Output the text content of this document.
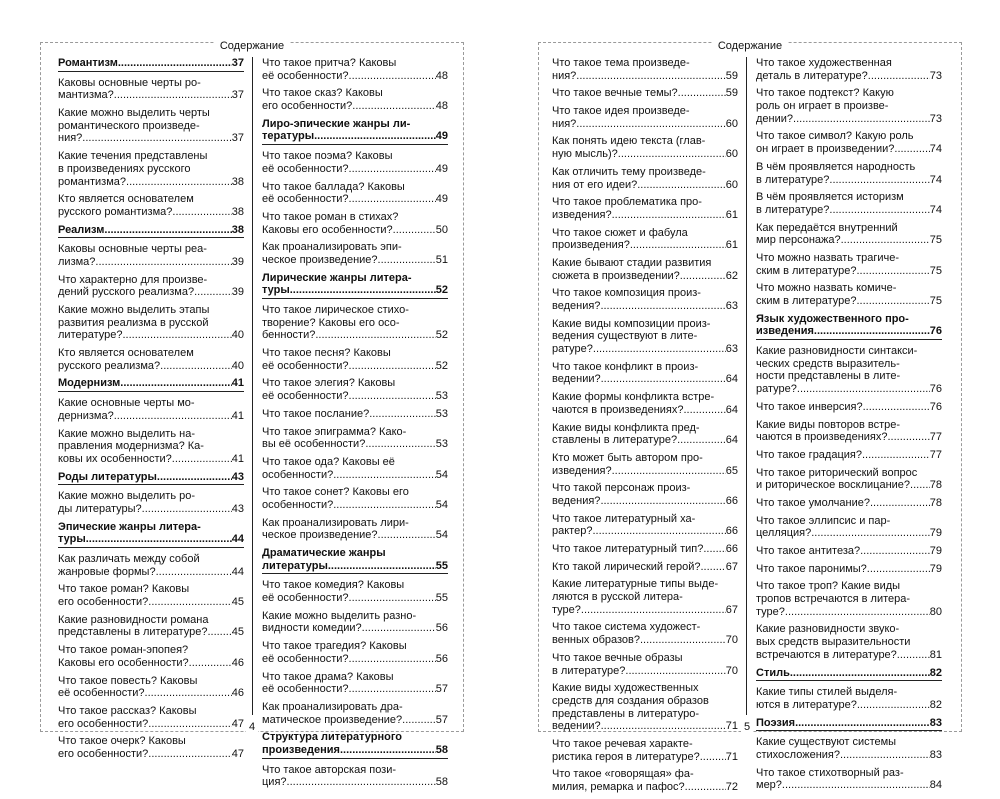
Содержание	Содержание
Романтизм .....	37
Каковы основные черты ро-
мантизма? .....	37
Какие можно выделить черты
романтического произведе-
ния? .....	37
Какие течения представлены
в произведениях русского
романтизма? .....	38
Кто является основателем
русского романтизма? .....	38
Реализм .....	38
Каковы основные черты реа-
лизма? .....	39
Что характерно для произве-
дений русского реализма? .....	39
Какие можно выделить этапы
развития реализма в русской
литературе? .....	40
Кто является основателем
русского реализма? .....	40
Модернизм .....	41
Какие основные черты мо-
дернизма? .....	41
Какие можно выделить на-
правления модернизма? Ка-
ковы их особенности? .....	41
Роды литературы .....	43
Какие можно выделить ро-
ды литературы? .....	43
Эпические жанры литера-
туры .....	44
Как различать между собой
жанровые формы? .....	44
Что такое роман? Каковы
его особенности? .....	45
Какие разновидности романа
представлены в литературе? ..... 45
Что такое роман-эпопея?
Каковы его особенности? .....	46
Что такое повесть? Каковы
её особенности? .....	46
Что такое рассказ? Каковы
его особенности? .....	47
Что такое очерк? Каковы
его особенности? .....	47
Что такое притча? Каковы
её особенности? .....	48
Что такое сказ? Каковы
его особенности? .....	48
Лиро-эпические жанры ли-
тературы .....	49
Что такое поэма? Каковы
её особенности? .....	49
Что такое баллада? Каковы
её особенности? .....	49
Что такое роман в стихах?
Каковы его особенности? .....	50
Как проанализировать эпи-
ческое произведение? .....	51
Лирические жанры литера-
туры .....	52
Что такое лирическое стихо-
творение? Каковы его осо-
бенности? .....	52
Что такое песня? Каковы
её особенности? .....	52
Что такое элегия? Каковы
её особенности? .....	53
Что такое послание? .....	53
Что такое эпиграмма? Како-
вы её особенности? .....	53
Что такое ода? Каковы её
особенности? .....	54
Что такое сонет? Каковы его
особенности? .....	54
Как проанализировать лири-
ческое произведение? .....	54
Драматические жанры
литературы .....	55
Что такое комедия? Каковы
её особенности? .....	55
Какие можно выделить разно-
видности комедии? .....	56
Что такое трагедия? Каковы
её особенности? .....	56
Что такое драма? Каковы
её особенности? .....	57
Как проанализировать дра-
матическое произведение? .....	57
Структура литературного
произведения .....	58
Что такое авторская пози-
ция? .....	58
Что такое тема произведе-
ния? .....	59
Что такое вечные темы? .....	59
Что такое идея произведе-
ния? .....	60
Как понять идею текста (глав-
ную мысль)? .....	60
Как отличить тему произведе-
ния от его идеи? .....	60
Что такое проблематика про-
изведения? .....	61
Что такое сюжет и фабула
произведения? .....	61
Какие бывают стадии развития
сюжета в произведении? .....	62
Что такое композиция произ-
ведения? .....	63
Какие виды композиции произ-
ведения существуют в лите-
ратуре? .....	63
Что такое конфликт в произ-
ведении? .....	64
Какие формы конфликта встре-
чаются в произведениях? .....	64
Какие виды конфликта пред-
ставлены в литературе? .....	64
Кто может быть автором про-
изведения? .....	65
Что такой персонаж произ-
ведения? .....	66
Что такое литературный ха-
рактер? .....	66
Что такое литературный тип? ..... 66
Кто такой лирический герой? ..... 67
Какие литературные типы выде-
ляются в русской литера-
туре? .....	67
Что такое система художест-
венных образов? .....	70
Что такое вечные образы
в литературе? .....	70
Какие виды художественных
средств для создания образов
представлены в литературо-
ведении? .....	71
Что такое речевая характе-
ристика героя в литературе? ..... 71
Что такое «говорящая» фа-
милия, ремарка и пафос? .....	72
Что такое художественная
деталь в литературе? .....	73
Что такое подтекст? Какую
роль он играет в произве-
дении? .....	73
Что такое символ? Какую роль
он играет в произведении? .....	74
В чём проявляется народность
в литературе? .....	74
В чём проявляется историзм
в литературе? .....	74
Как передаётся внутренний
мир персонажа? .....	75
Что можно назвать трагиче-
ским в литературе? .....	75
Что можно назвать комиче-
ским в литературе? .....	75
Язык художественного про-
изведения .....	76
Какие разновидности синтакси-
ческих средств выразитель-
ности представлены в лите-
ратуре? .....	76
Что такое инверсия? .....	76
Какие виды повторов встре-
чаются в произведениях? .....	77
Что такое градация? .....	77
Что такое риторический вопрос
и риторическое восклицание? ..... 78
Что такое умолчание? .....	78
Что такое эллипсис и пар-
целляция? .....	79
Что такое антитеза? .....	79
Что такое паронимы? .....	79
Что такое троп? Какие виды
тропов встречаются в литера-
туре? .....	80
Какие разновидности звуко-
вых средств выразительности
встречаются в литературе? .....	81
Стиль .....	82
Какие типы стилей выделя-
ются в литературе? .....	82
Поэзия .....	83
Какие существуют системы
стихосложения? .....	83
Что такое стихотворный раз-
мер? .....	84
4	5
